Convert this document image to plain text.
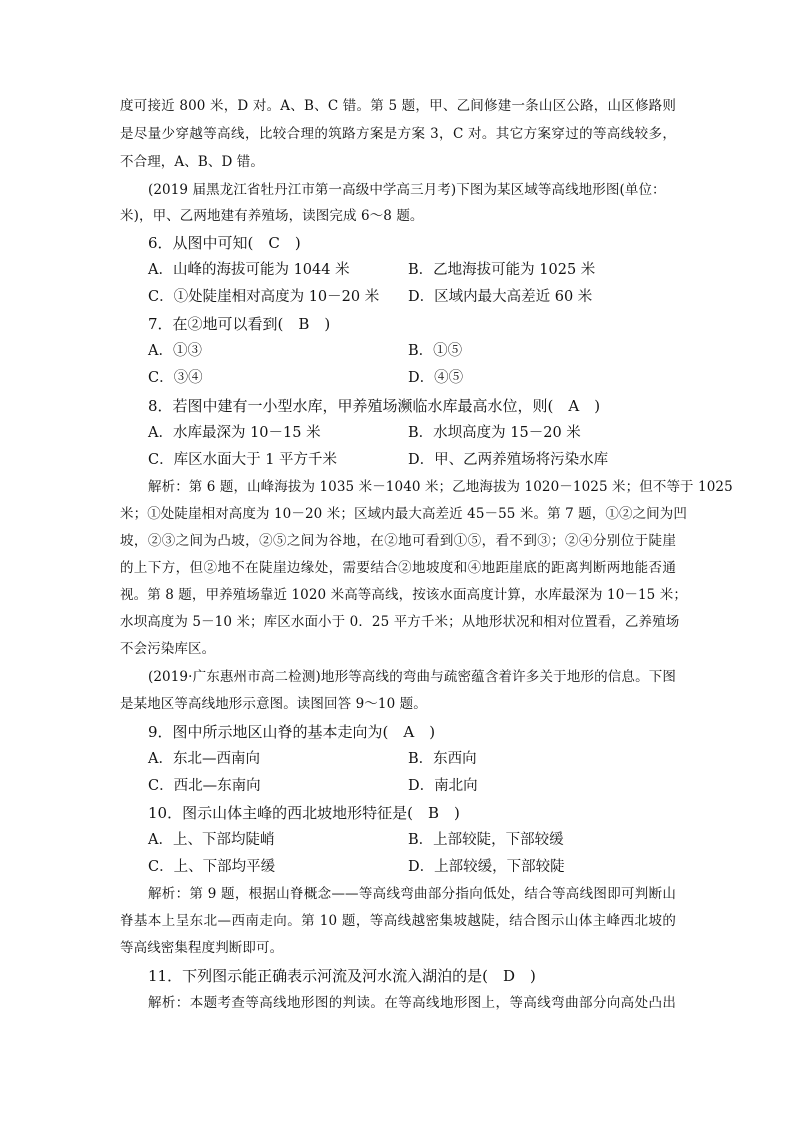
度可接近 800 米，D 对。A、B、C 错。第 5 题，甲、乙间修建一条山区公路，山区修路则
是尽量少穿越等高线，比较合理的筑路方案是方案 3，C 对。其它方案穿过的等高线较多，
不合理，A、B、D 错。
(2019 届黑龙江省牡丹江市第一高级中学高三月考)下图为某区域等高线地形图(单位：
米)，甲、乙两地建有养殖场，读图完成 6～8 题。
6．从图中可知(　C　)
A．山峰的海拔可能为 1044 米	B．乙地海拔可能为 1025 米
C．①处陡崖相对高度为 10－20 米 D．区域内最大高差近 60 米
7．在②地可以看到(　B　)
A．①③	B．①⑤
C．③④	D．④⑤
8．若图中建有一小型水库，甲养殖场濒临水库最高水位，则(　A　)
A．水库最深为 10－15 米	B．水坝高度为 15－20 米
C．库区水面大于 1 平方千米	D．甲、乙两养殖场将污染水库
解析：第 6 题，山峰海拔为 1035 米－1040 米；乙地海拔为 1020－1025 米；但不等于 1025
米；①处陡崖相对高度为 10－20 米；区域内最大高差近 45－55 米。第 7 题，①②之间为凹
坡，②③之间为凸坡，②⑤之间为谷地，在②地可看到①⑤，看不到③；②④分别位于陡崖
的上下方，但②地不在陡崖边缘处，需要结合②地坡度和④地距崖底的距离判断两地能否通
视。第 8 题，甲养殖场靠近 1020 米高等高线，按该水面高度计算，水库最深为 10－15 米；
水坝高度为 5－10 米；库区水面小于 0．25 平方千米；从地形状况和相对位置看，乙养殖场
不会污染库区。
(2019·广东惠州市高二检测)地形等高线的弯曲与疏密蕴含着许多关于地形的信息。下图
是某地区等高线地形示意图。读图回答 9～10 题。
9．图中所示地区山脊的基本走向为(　A　)
A．东北—西南向	B．东西向
C．西北—东南向	D．南北向
10．图示山体主峰的西北坡地形特征是(　B　)
A．上、下部均陡峭	B．上部较陡，下部较缓
C．上、下部均平缓	D．上部较缓，下部较陡
解析：第 9 题，根据山脊概念——等高线弯曲部分指向低处，结合等高线图即可判断山
脊基本上呈东北—西南走向。第 10 题，等高线越密集坡越陡，结合图示山体主峰西北坡的
等高线密集程度判断即可。
11．下列图示能正确表示河流及河水流入湖泊的是(　D　)
解析：本题考查等高线地形图的判读。在等高线地形图上，等高线弯曲部分向高处凸出
